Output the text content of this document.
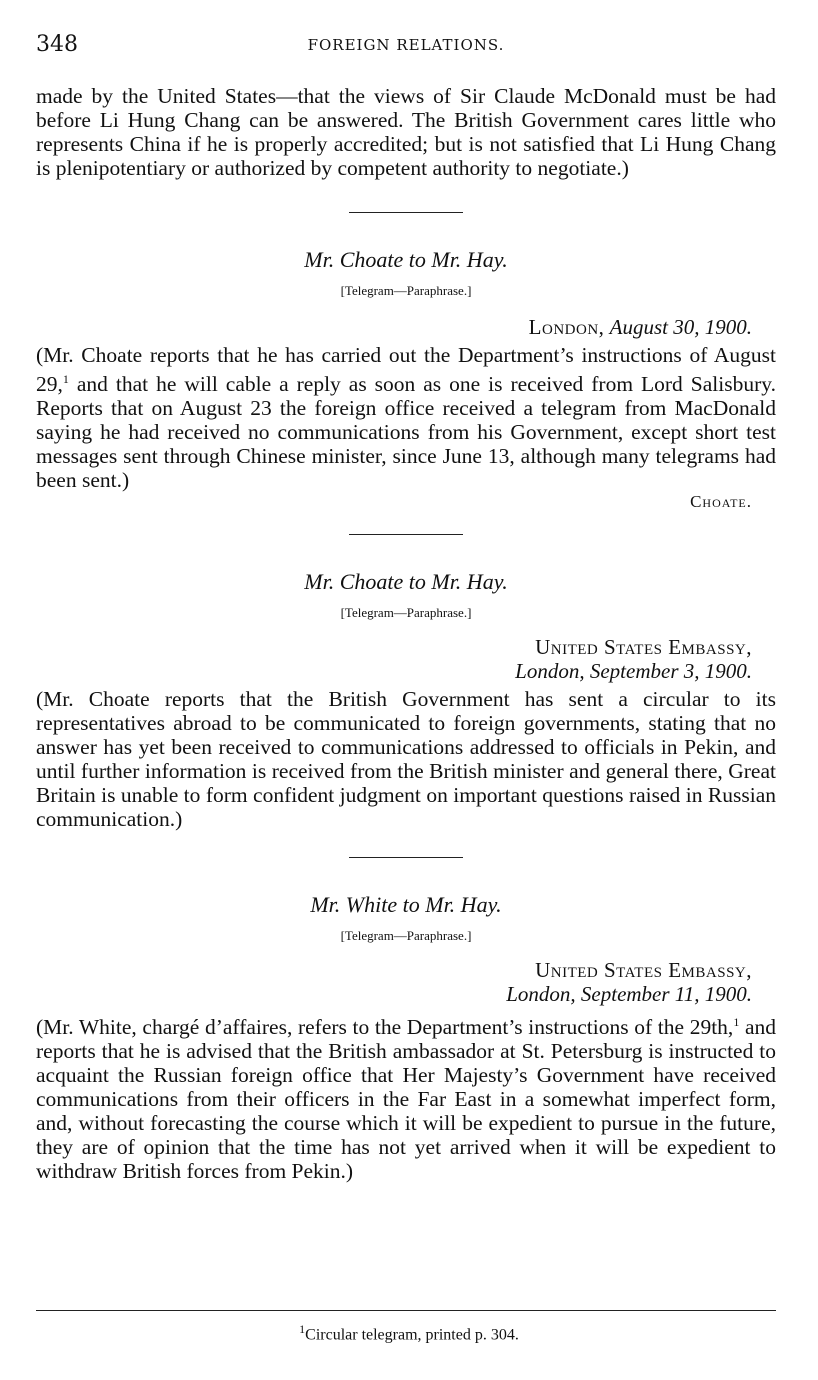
348	FOREIGN RELATIONS.

made by the United States—that the views of Sir Claude McDonald must be had before Li Hung Chang can be answered. The British Government cares little who represents China if he is properly accredited; but is not satisfied that Li Hung Chang is plenipotentiary or authorized by competent authority to negotiate.)

Mr. Choate to Mr. Hay.
[Telegram—Paraphrase.]
London, August 30, 1900.

(Mr. Choate reports that he has carried out the Department’s instructions of August 29,$^1$ and that he will cable a reply as soon as one is received from Lord Salisbury. Reports that on August 23 the foreign office received a telegram from MacDonald saying he had received no communications from his Government, except short test messages sent through Chinese minister, since June 13, although many telegrams had been sent.)

Choate.
Mr. Choate to Mr. Hay.
[Telegram—Paraphrase.]
United States Embassy,
London, September 3, 1900.

(Mr. Choate reports that the British Government has sent a circular to its representatives abroad to be communicated to foreign governments, stating that no answer has yet been received to communications addressed to officials in Pekin, and until further information is received from the British minister and general there, Great Britain is unable to form confident judgment on important questions raised in Russian communication.)

Mr. White to Mr. Hay.
[Telegram—Paraphrase.]
United States Embassy,
London, September 11, 1900.

(Mr. White, chargé d’affaires, refers to the Department’s instructions of the 29th,$^1$ and reports that he is advised that the British ambassador at St. Petersburg is instructed to acquaint the Russian foreign office that Her Majesty’s Government have received communications from their officers in the Far East in a somewhat imperfect form, and, without forecasting the course which it will be expedient to pursue in the future, they are of opinion that the time has not yet arrived when it will be expedient to withdraw British forces from Pekin.)

$^1$Circular telegram, printed p. 304.
